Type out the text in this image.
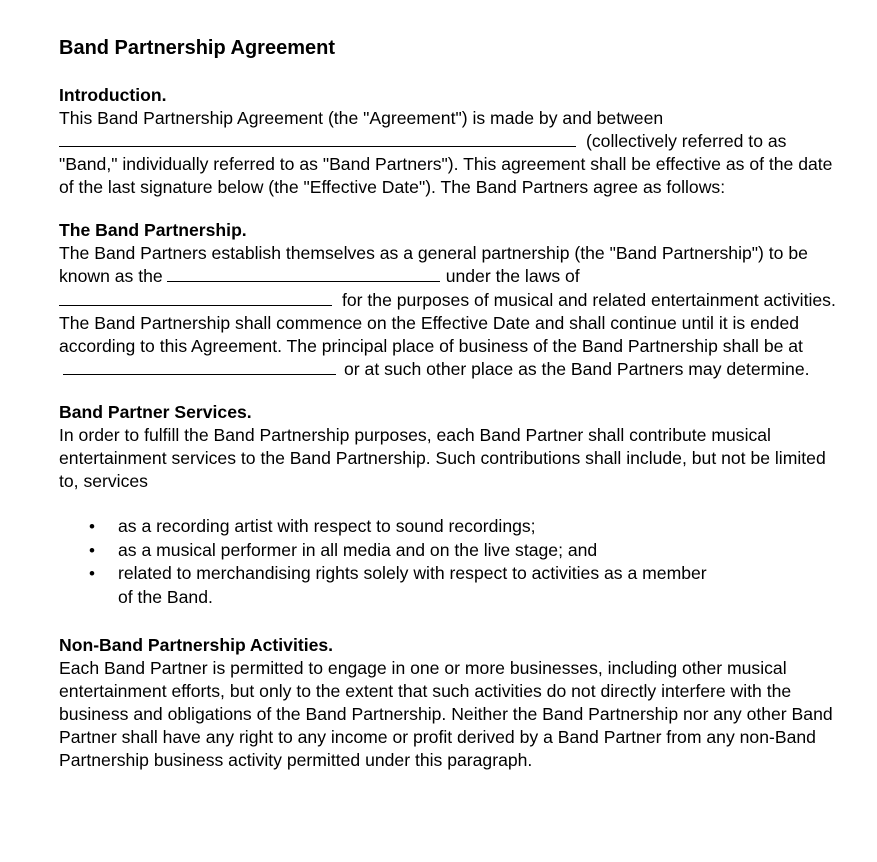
Band Partnership Agreement
Introduction.

This Band Partnership Agreement (the "Agreement") is made by and between
(collectively referred to as "Band," individually referred to as "Band Partners"). This agreement shall be effective as of the date of the last signature below (the "Effective Date"). The Band Partners agree as follows:

The Band Partnership.

The Band Partners establish themselves as a general partnership (the "Band Partnership") to be known as the	under the laws of
for the purposes of musical and related entertainment activities. The Band Partnership shall commence on the Effective Date and shall continue until it is ended according to this Agreement. The principal place of business of the Band Partnership shall be ator at such other place as the Band Partners may determine.

Band Partner Services.

In order to fulfill the Band Partnership purposes, each Band Partner shall contribute musical entertainment services to the Band Partnership. Such contributions shall include, but not be limited to, services

• as a recording artist with respect to sound recordings;
• as a musical performer in all media and on the live stage; and
• related to merchandising rights solely with respect to activities as a member of the Band.
Non-Band Partnership Activities.

Each Band Partner is permitted to engage in one or more businesses, including other musical entertainment efforts, but only to the extent that such activities do not directly interfere with the business and obligations of the Band Partnership. Neither the Band Partnership nor any other Band Partner shall have any right to any income or profit derived by a Band Partner from any non-Band Partnership business activity permitted under this paragraph.
